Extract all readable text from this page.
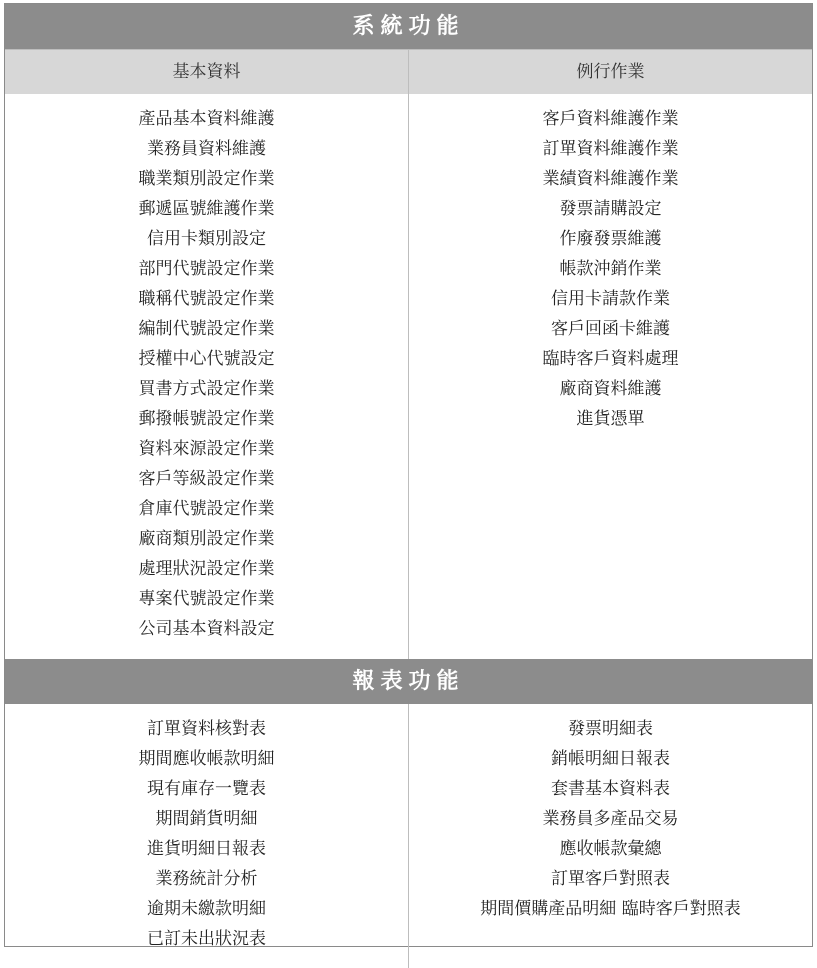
系統功能
基本資料	例行作業
產品基本資料維護
業務員資料維護
職業類別設定作業
郵遞區號維護作業
信用卡類別設定
部門代號設定作業
職稱代號設定作業
編制代號設定作業
授權中心代號設定
買書方式設定作業
郵撥帳號設定作業
資料來源設定作業
客戶等級設定作業
倉庫代號設定作業
廠商類別設定作業
處理狀況設定作業
專案代號設定作業
公司基本資料設定
客戶資料維護作業
訂單資料維護作業
業績資料維護作業
發票請購設定
作廢發票維護
帳款沖銷作業
信用卡請款作業
客戶回函卡維護
臨時客戶資料處理
廠商資料維護
進貨憑單
報表功能
訂單資料核對表
期間應收帳款明細
現有庫存一覽表
期間銷貨明細
進貨明細日報表
業務統計分析
逾期未繳款明細
已訂未出狀況表
發票明細表
銷帳明細日報表
套書基本資料表
業務員多產品交易
應收帳款彙總
訂單客戶對照表
期間價購產品明細 臨時客戶對照表
